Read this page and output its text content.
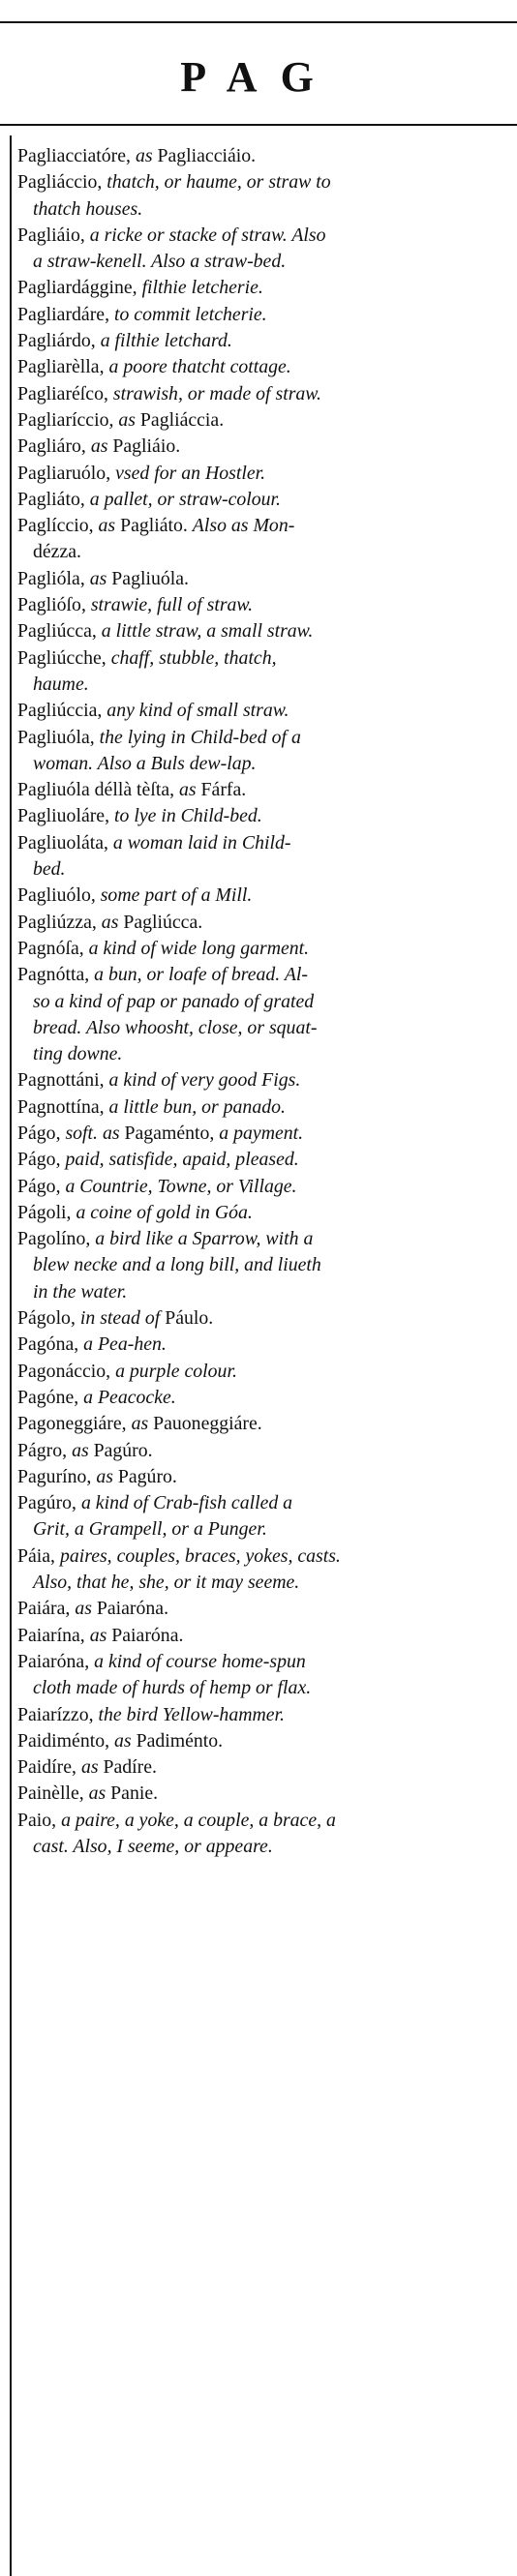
PAG
Pagliacciatóre, as Pagliacciáio.
Pagliáccio, thatch, or haume, or straw to
thatch houses.
Pagliáio, a ricke or stacke of straw. Also
a straw-kenell. Also a straw-bed.
Pagliardággine, filthie letcherie.
Pagliardáre, to commit letcherie.
Pagliárdo, a filthie letchard.
Pagliarèlla, a poore thatcht cottage.
Pagliaréſco, strawish, or made of straw.
Pagliaríccio, as Pagliáccia.
Pagliáro, as Pagliáio.
Pagliaruólo, vsed for an Hostler.
Pagliáto, a pallet, or straw-colour.
Paglíccio, as Pagliáto. Also as Mon-
dézza.
Paglióla, as Pagliuóla.
Paglióſo, strawie, full of straw.
Pagliúcca, a little straw, a small straw.
Pagliúcche, chaff, stubble, thatch,
haume.
Pagliúccia, any kind of small straw.
Pagliuóla, the lying in Child-bed of a
woman. Also a Buls dew-lap.
Pagliuóla déllà tèſta, as Fárfa.
Pagliuoláre, to lye in Child-bed.
Pagliuoláta, a woman laid in Child-
bed.
Pagliuólo, some part of a Mill.
Pagliúzza, as Pagliúcca.
Pagnóſa, a kind of wide long garment.
Pagnótta, a bun, or loafe of bread. Al-
so a kind of pap or panado of grated
bread. Also whoosht, close, or squat-
ting downe.
Pagnottáni, a kind of very good Figs.
Pagnottína, a little bun, or panado.
Págo, soft. as Pagaménto, a payment.
Págo, paid, satisfide, apaid, pleased.
Págo, a Countrie, Towne, or Village.
Págoli, a coine of gold in Góa.
Pagolíno, a bird like a Sparrow, with a
blew necke and a long bill, and liueth
in the water.
Págolo, in stead of Páulo.
Pagóna, a Pea-hen.
Pagonáccio, a purple colour.
Pagóne, a Peacocke.
Pagoneggiáre, as Pauoneggiáre.
Págro, as Pagúro.
Paguríno, as Pagúro.
Pagúro, a kind of Crab-fish called a
Grit, a Grampell, or a Punger.
Páia, paires, couples, braces, yokes, casts.
Also, that he, she, or it may seeme.
Paiára, as Paiaróna.
Paiarína, as Paiaróna.
Paiaróna, a kind of course home-spun
cloth made of hurds of hemp or flax.
Paiarízzo, the bird Yellow-hammer.
Paidiménto, as Padiménto.
Paidíre, as Padíre.
Painèlle, as Panie.
Paio, a paire, a yoke, a couple, a brace, a
cast. Also, I seeme, or appeare.
